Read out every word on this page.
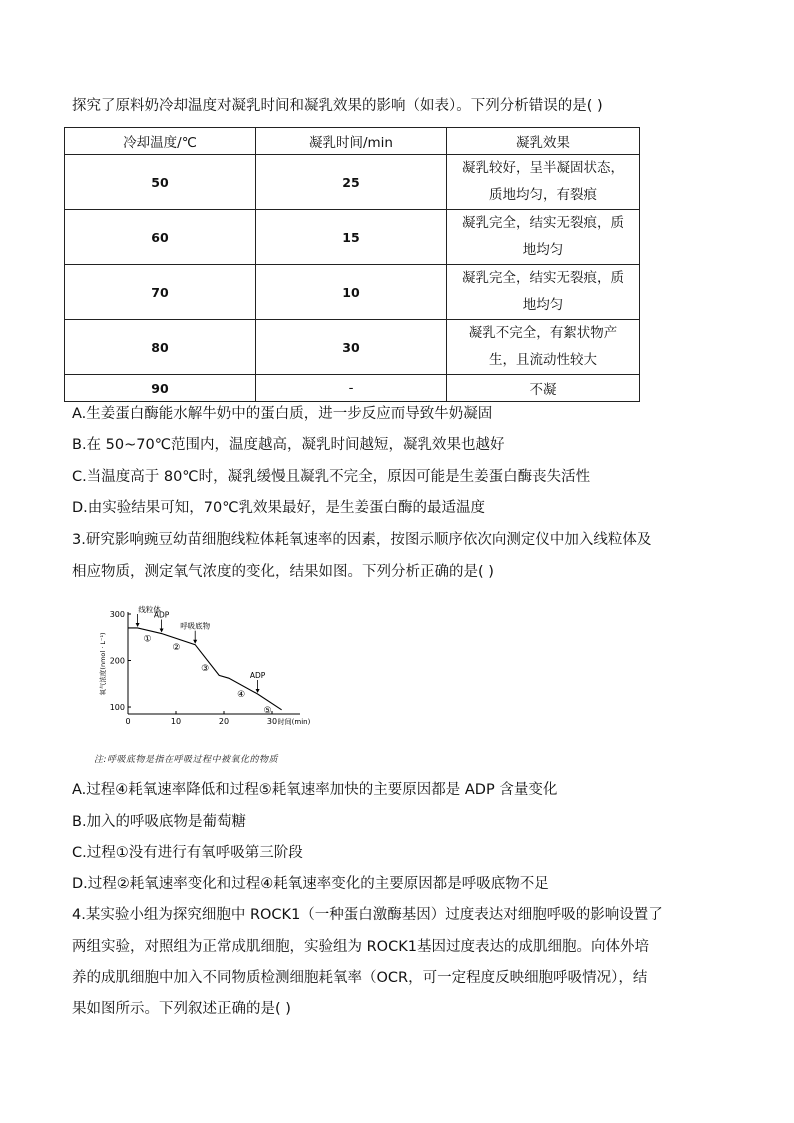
探究了原料奶冷却温度对凝乳时间和凝乳效果的影响（如表）。下列分析错误的是( )
冷却温度/℃	凝乳时间/min	凝乳效果
50	25	凝乳较好，呈半凝固状态，
质地均匀，有裂痕
60	15	凝乳完全，结实无裂痕，质
地均匀
70	10	凝乳完全，结实无裂痕，质
地均匀
80	30	凝乳不完全，有絮状物产
生，且流动性较大
90	-	不凝
A.生姜蛋白酶能水解牛奶中的蛋白质，进一步反应而导致牛奶凝固
B.在 50~70℃范围内，温度越高，凝乳时间越短，凝乳效果也越好
C.当温度高于 80℃时，凝乳缓慢且凝乳不完全，原因可能是生姜蛋白酶丧失活性
D.由实验结果可知，70℃乳效果最好，是生姜蛋白酶的最适温度
3.研究影响豌豆幼苗细胞线粒体耗氧速率的因素，按图示顺序依次向测定仪中加入线粒体及
相应物质，测定氧气浓度的变化，结果如图。下列分析正确的是( )
0	10	20	30
100
200
300
时间(min)
氧气浓度(nmol · L⁻¹)
线粒体
ADP
呼吸底物
ADP
①
②
③
④
⑤
注:呼吸底物是指在呼吸过程中被氧化的物质
A.过程④耗氧速率降低和过程⑤耗氧速率加快的主要原因都是 ADP 含量变化
B.加入的呼吸底物是葡萄糖
C.过程①没有进行有氧呼吸第三阶段
D.过程②耗氧速率变化和过程④耗氧速率变化的主要原因都是呼吸底物不足
4.某实验小组为探究细胞中 ROCK1（一种蛋白激酶基因）过度表达对细胞呼吸的影响设置了
两组实验，对照组为正常成肌细胞，实验组为 ROCK1基因过度表达的成肌细胞。向体外培
养的成肌细胞中加入不同物质检测细胞耗氧率（OCR，可一定程度反映细胞呼吸情况），结
果如图所示。下列叙述正确的是( )
